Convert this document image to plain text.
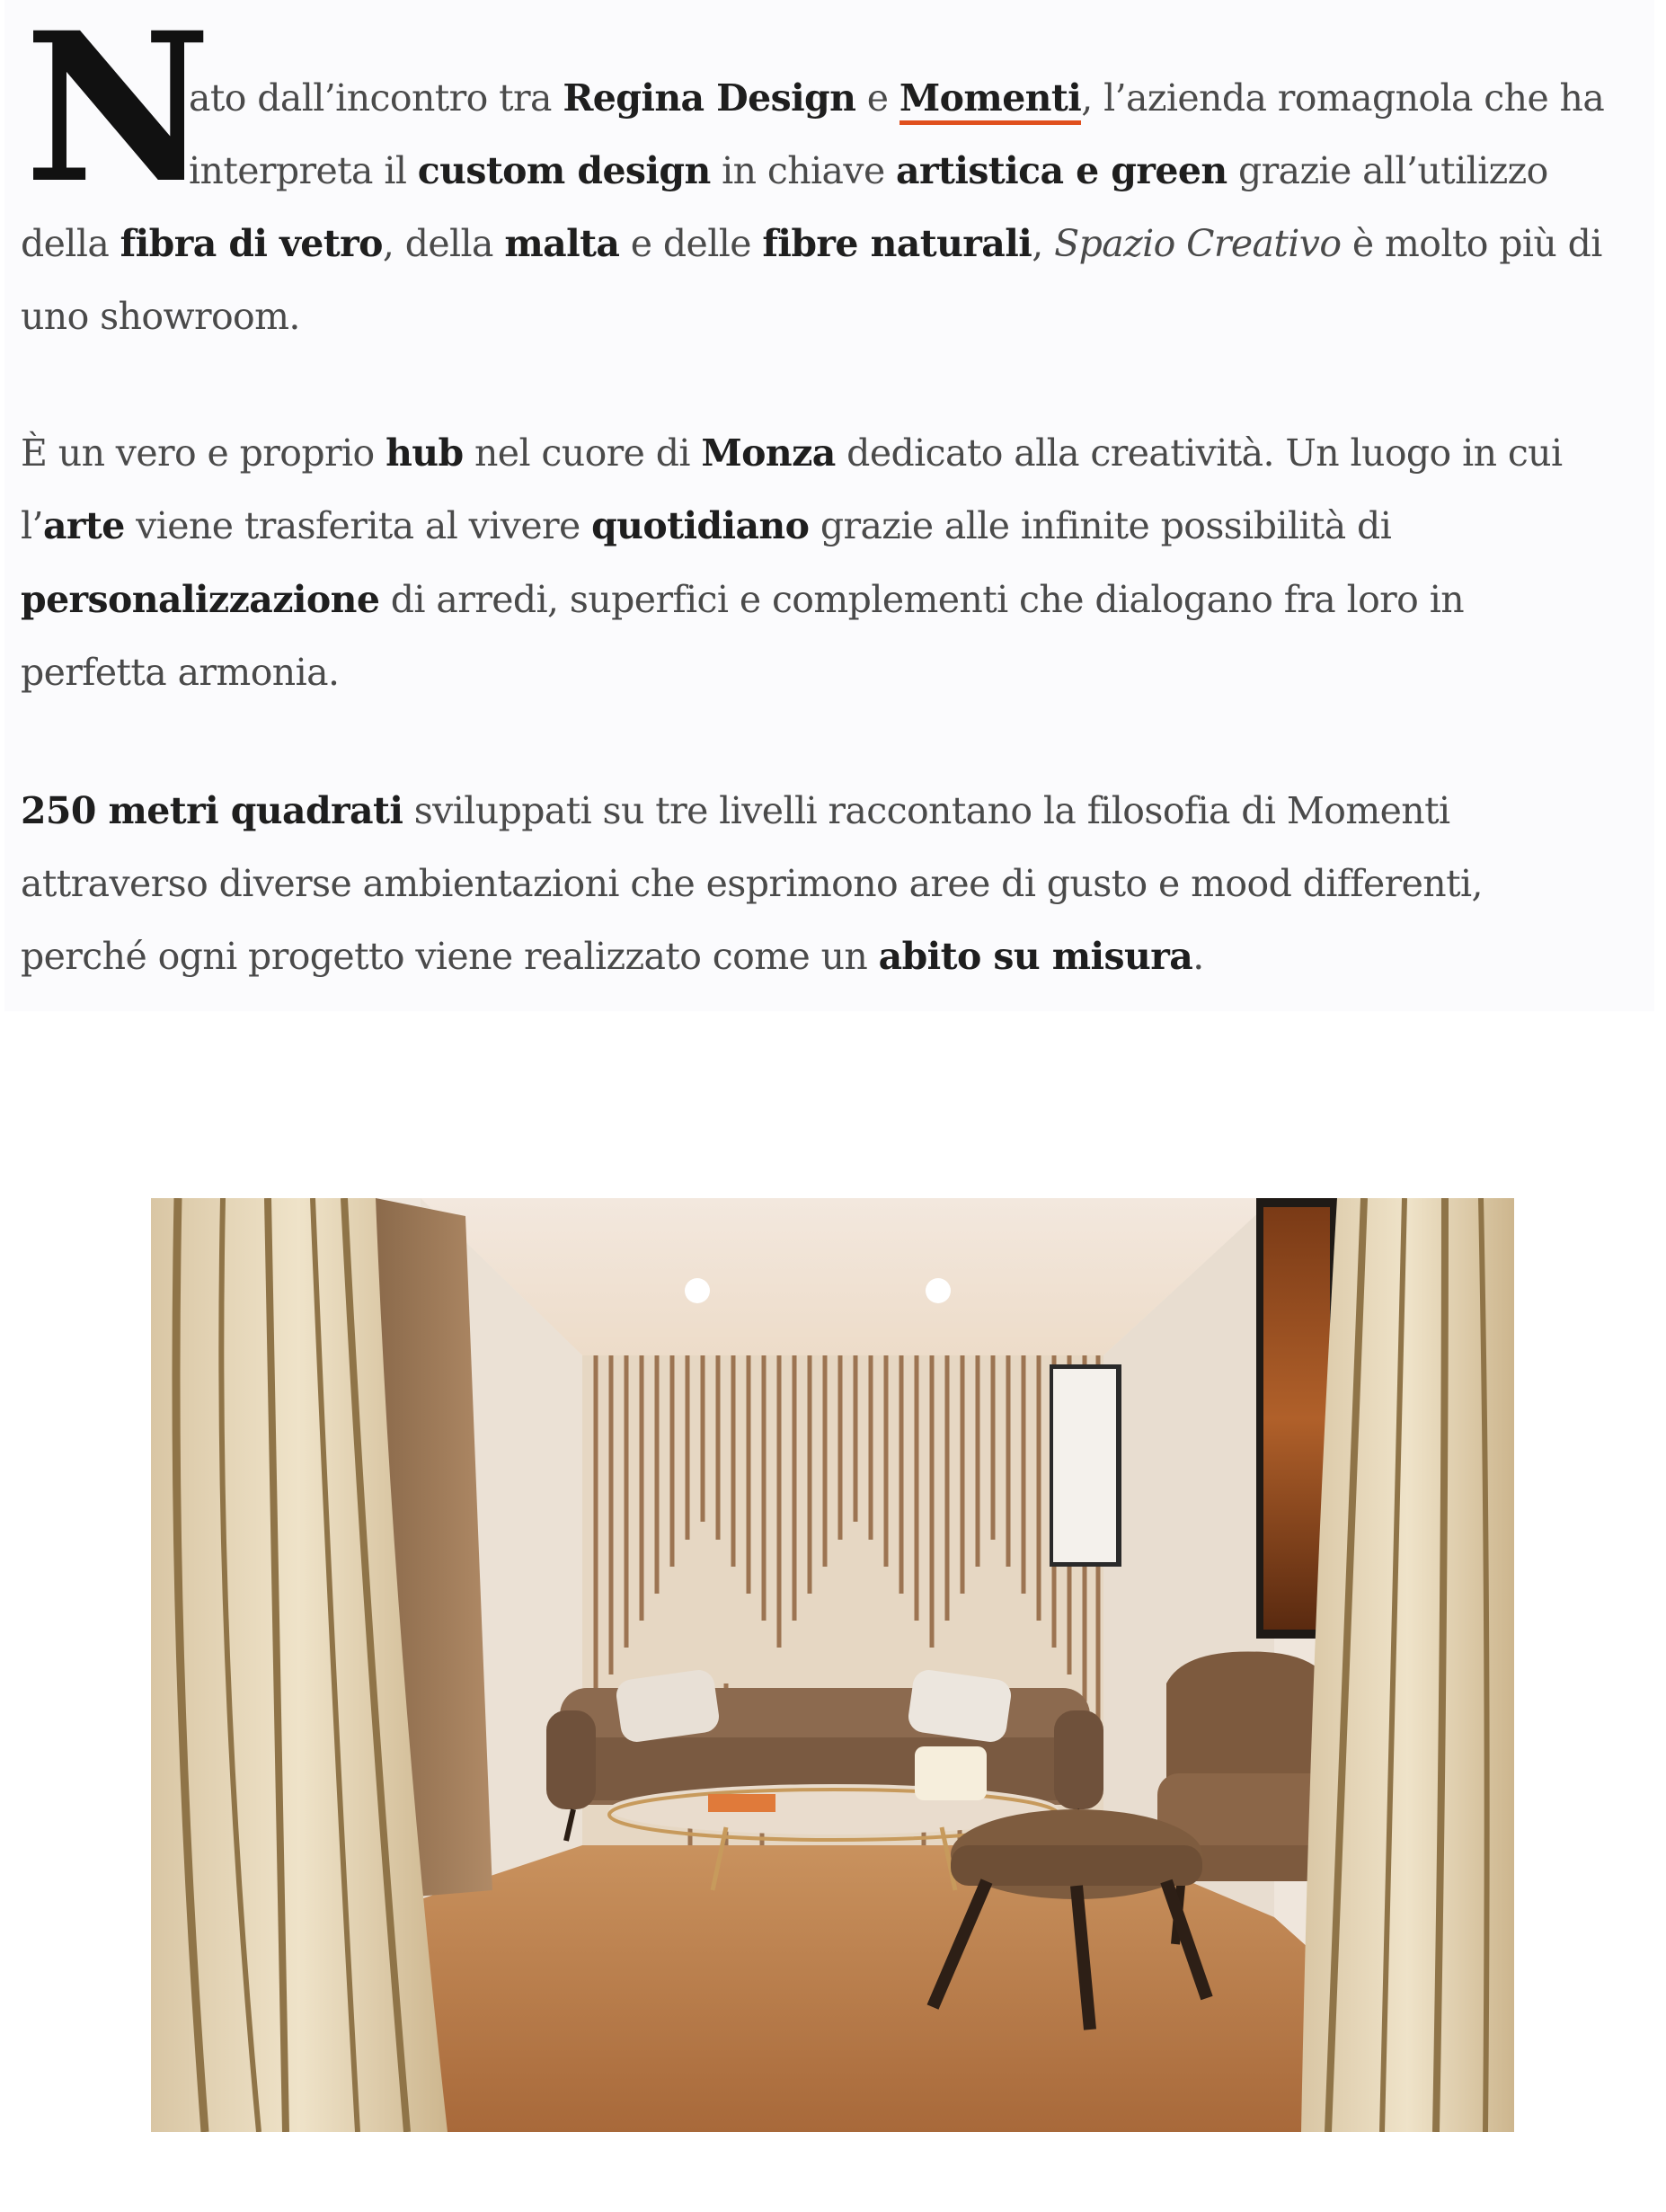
N
ato dall’incontro tra Regina Design e Momenti, l’azienda romagnola che ha
interpreta il custom design in chiave artistica e green grazie all’utilizzo
della fibra di vetro, della malta e delle fibre naturali, Spazio Creativo è molto più di
uno showroom.
È un vero e proprio hub nel cuore di Monza dedicato alla creatività. Un luogo in cui
l’arte viene trasferita al vivere quotidiano grazie alle infinite possibilità di
personalizzazione di arredi, superfici e complementi che dialogano fra loro in
perfetta armonia.
250 metri quadrati sviluppati su tre livelli raccontano la filosofia di Momenti
attraverso diverse ambientazioni che esprimono aree di gusto e mood differenti,
perché ogni progetto viene realizzato come un abito su misura.
